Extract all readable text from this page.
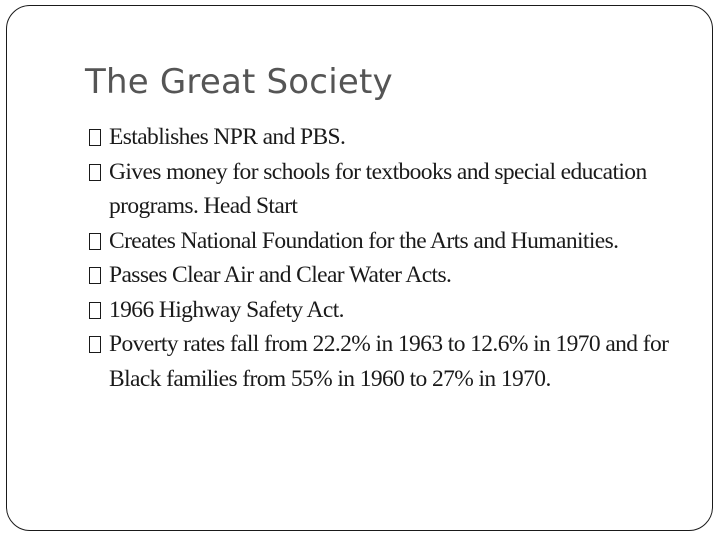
The Great Society
Establishes NPR and PBS.
Gives money for schools for textbooks and special education programs. Head Start
Creates National Foundation for the Arts and Humanities.
Passes Clear Air and Clear Water Acts.
1966 Highway Safety Act.
Poverty rates fall from 22.2% in 1963 to 12.6% in 1970 and for Black families from 55% in 1960 to 27% in 1970.
